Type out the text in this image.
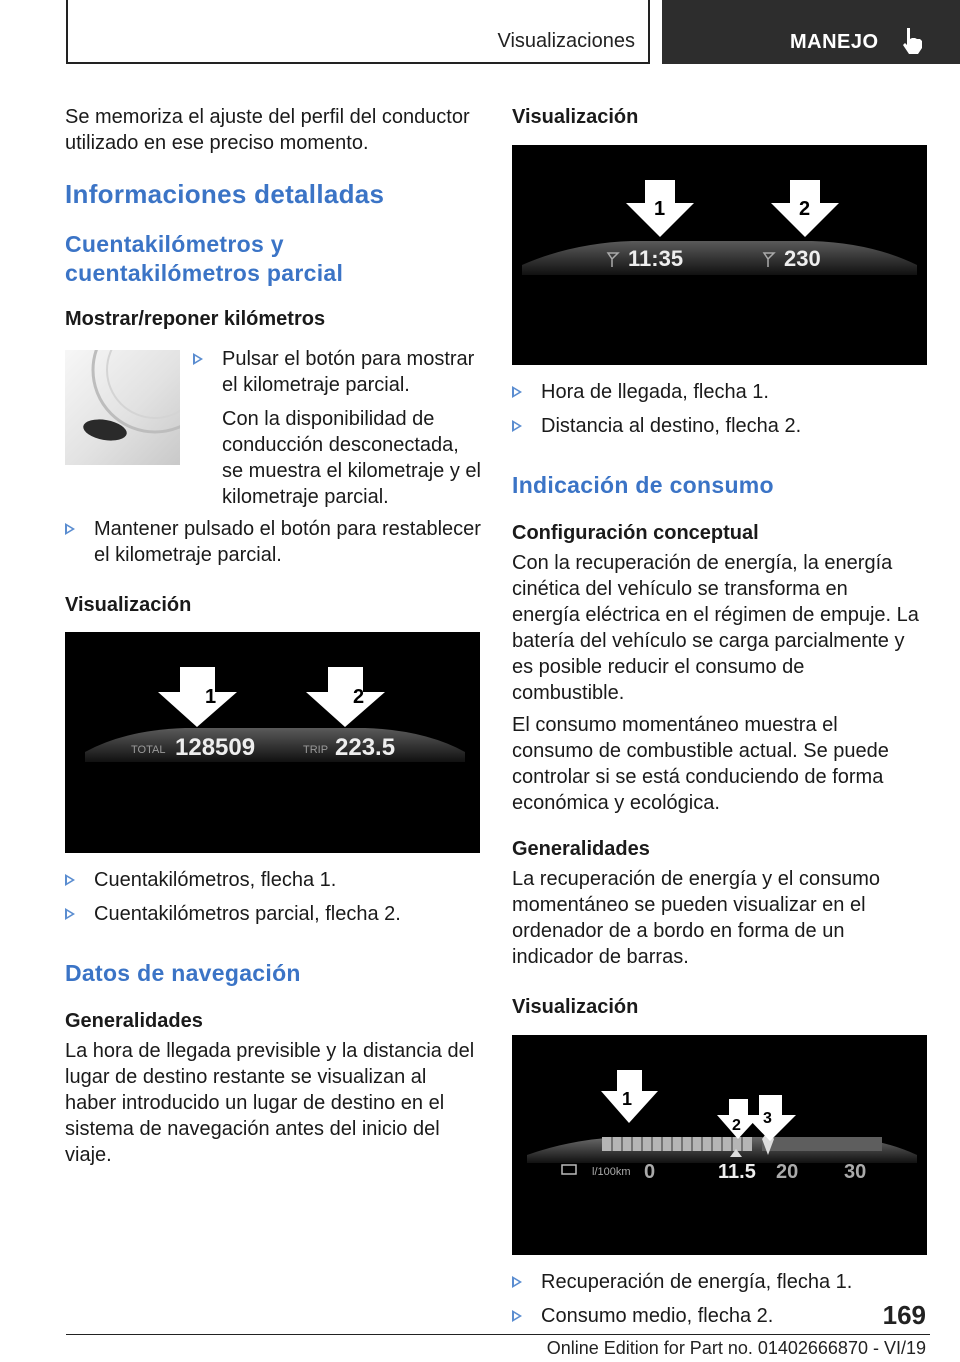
Visualizaciones	MANEJO

Se memoriza el ajuste del perfil del conductor utilizado en ese preciso momento.

Informaciones detalladas
Cuentakilómetros y cuentakilómetros parcial
Mostrar/reponer kilómetros
Pulsar el botón para mostrar el kilometraje parcial.
Con la disponibilidad de conducción desconectada, se muestra el kilometraje y el kilometraje parcial.
Mantener pulsado el botón para restablecer el kilometraje parcial.
Visualización
1	2
TOTAL 128509	TRIP 223.5
Cuentakilómetros, flecha 1.
Cuentakilómetros parcial, flecha 2.
Datos de navegación
Generalidades

La hora de llegada previsible y la distancia del lugar de destino restante se visualizan al haber introducido un lugar de destino en el sistema de navegación antes del inicio del viaje.

Visualización
1	2
11:35	230
Hora de llegada, flecha 1.
Distancia al destino, flecha 2.
Indicación de consumo
Configuración conceptual

Con la recuperación de energía, la energía cinética del vehículo se transforma en energía eléctrica en el régimen de empuje. La batería del vehículo se carga parcialmente y es posible reducir el consumo de combustible.

El consumo momentáneo muestra el consumo de combustible actual. Se puede controlar si se está conduciendo de forma económica y ecológica.

Generalidades

La recuperación de energía y el consumo momentáneo se pueden visualizar en el ordenador de a bordo en forma de un indicador de barras.

Visualización
1
2 3
l/100km 0	11.5 20 30
Recuperación de energía, flecha 1.
Consumo medio, flecha 2.	169
Online Edition for Part no. 01402666870 - VI/19
